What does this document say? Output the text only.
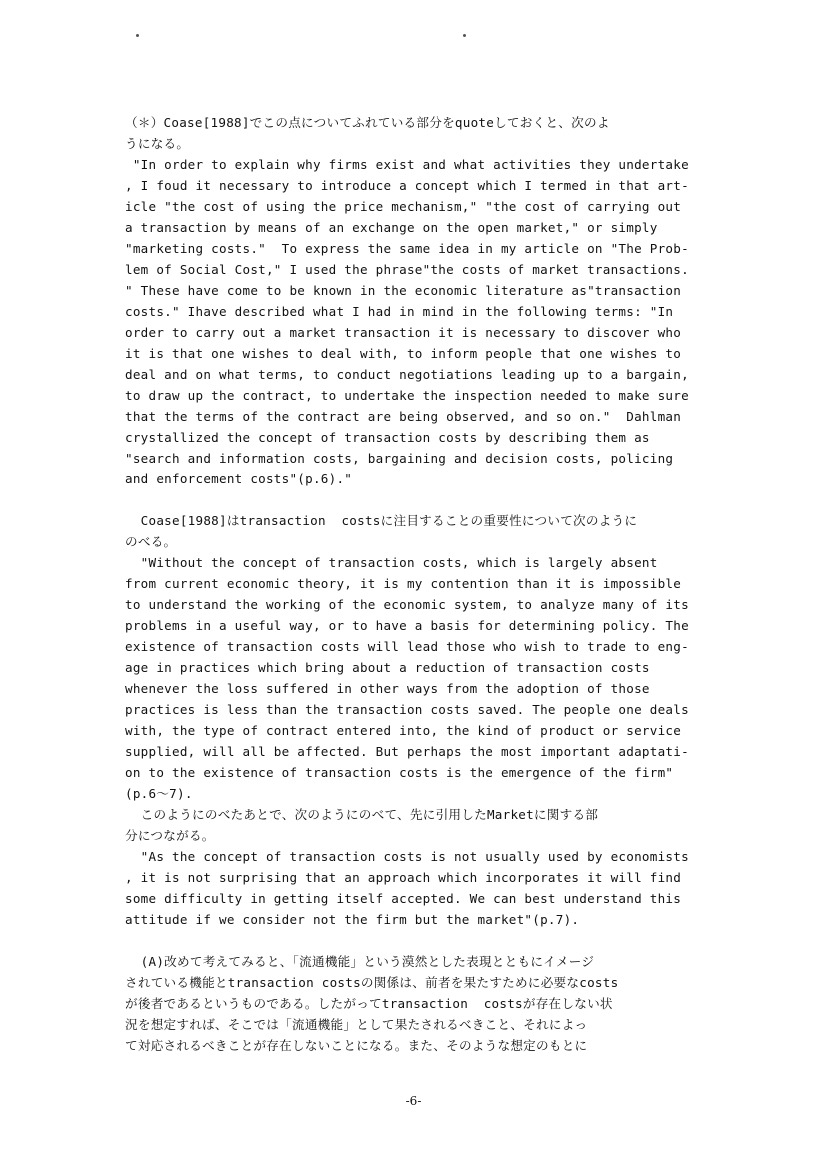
（＊）Coase[1988]でこの点についてふれている部分をquoteしておくと、次のよ
うになる。
"In order to explain why firms exist and what activities they undertake
, I foud it necessary to introduce a concept which I termed in that art-
icle "the cost of using the price mechanism," "the cost of carrying out
a transaction by means of an exchange on the open market," or simply
"marketing costs."  To express the same idea in my article on "The Prob-
lem of Social Cost," I used the phrase"the costs of market transactions.
" These have come to be known in the economic literature as"transaction
costs." Ihave described what I had in mind in the following terms: "In
order to carry out a market transaction it is necessary to discover who
it is that one wishes to deal with, to inform people that one wishes to
deal and on what terms, to conduct negotiations leading up to a bargain,
to draw up the contract, to undertake the inspection needed to make sure
that the terms of the contract are being observed, and so on."  Dahlman
crystallized the concept of transaction costs by describing them as
"search and information costs, bargaining and decision costs, policing
and enforcement costs"(p.6)."
Coase[1988]はtransaction  costsに注目することの重要性について次のように
のべる。
"Without the concept of transaction costs, which is largely absent
from current economic theory, it is my contention than it is impossible
to understand the working of the economic system, to analyze many of its
problems in a useful way, or to have a basis for determining policy. The
existence of transaction costs will lead those who wish to trade to eng-
age in practices which bring about a reduction of transaction costs
whenever the loss suffered in other ways from the adoption of those
practices is less than the transaction costs saved. The people one deals
with, the type of contract entered into, the kind of product or service
supplied, will all be affected. But perhaps the most important adaptati-
on to the existence of transaction costs is the emergence of the firm"
(p.6～7).
このようにのべたあとで、次のようにのべて、先に引用したMarketに関する部
分につながる。
"As the concept of transaction costs is not usually used by economists
, it is not surprising that an approach which incorporates it will find
some difficulty in getting itself accepted. We can best understand this
attitude if we consider not the firm but the market"(p.7).
(A)改めて考えてみると、「流通機能」という漠然とした表現とともにイメージ
されている機能とtransaction costsの関係は、前者を果たすために必要なcosts
が後者であるというものである。したがってtransaction  costsが存在しない状
況を想定すれば、そこでは「流通機能」として果たされるべきこと、それによっ
て対応されるべきことが存在しないことになる。また、そのような想定のもとに
-6-
